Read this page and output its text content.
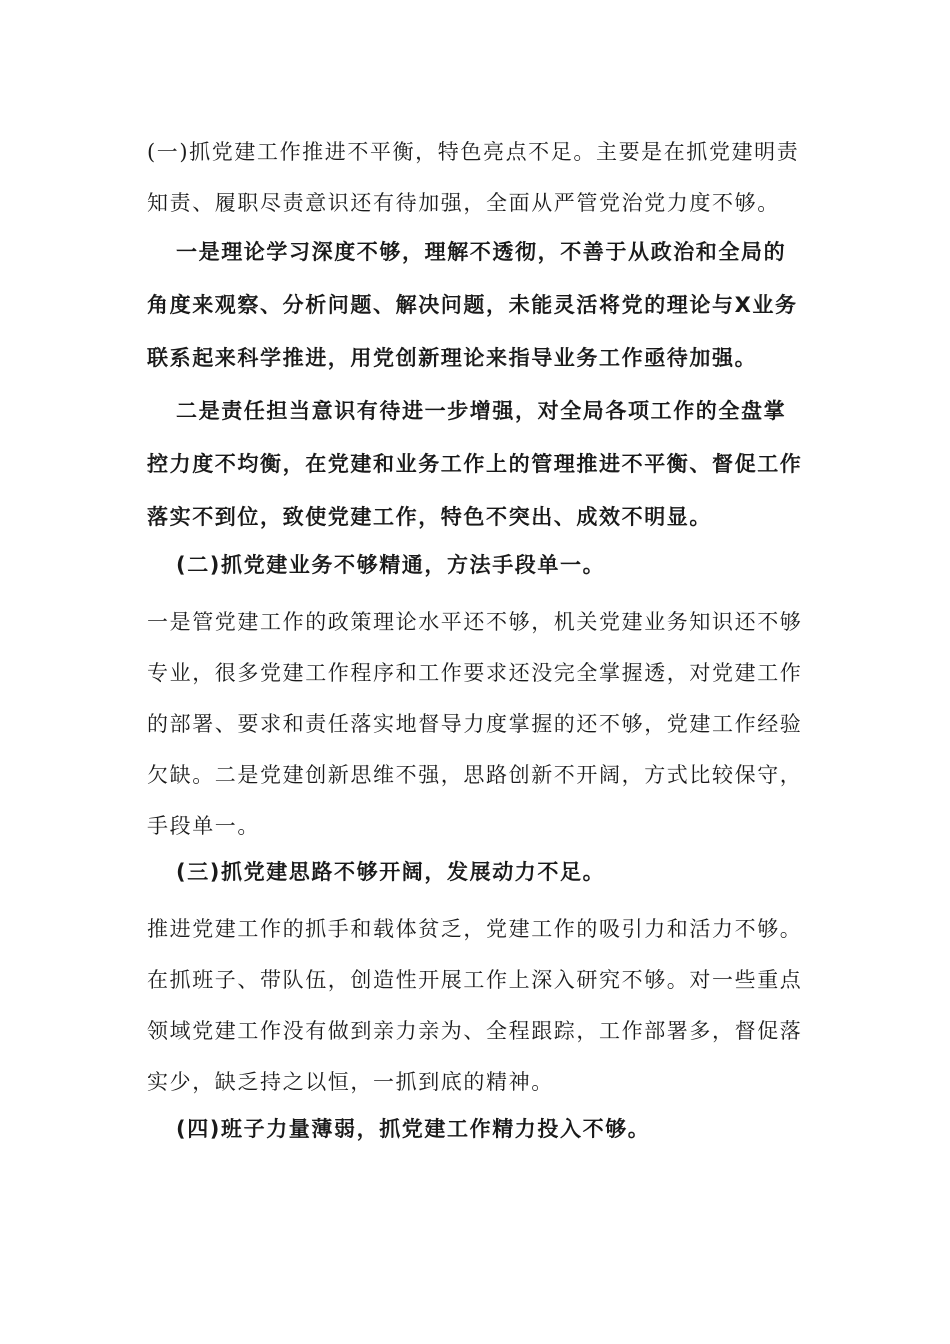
(一)抓党建工作推进不平衡，特色亮点不足。主要是在抓党建明责知责、履职尽责意识还有待加强，全面从严管党治党力度不够。

一是理论学习深度不够，理解不透彻，不善于从政治和全局的角度来观察、分析问题、解决问题，未能灵活将党的理论与X业务联系起来科学推进，用党创新理论来指导业务工作亟待加强。

二是责任担当意识有待进一步增强，对全局各项工作的全盘掌控力度不均衡，在党建和业务工作上的管理推进不平衡、督促工作落实不到位，致使党建工作，特色不突出、成效不明显。

(二)抓党建业务不够精通，方法手段单一。

一是管党建工作的政策理论水平还不够，机关党建业务知识还不够专业，很多党建工作程序和工作要求还没完全掌握透，对党建工作的部署、要求和责任落实地督导力度掌握的还不够，党建工作经验欠缺。二是党建创新思维不强，思路创新不开阔，方式比较保守，手段单一。

(三)抓党建思路不够开阔，发展动力不足。

推进党建工作的抓手和载体贫乏，党建工作的吸引力和活力不够。在抓班子、带队伍，创造性开展工作上深入研究不够。对一些重点领域党建工作没有做到亲力亲为、全程跟踪，工作部署多，督促落实少，缺乏持之以恒，一抓到底的精神。

(四)班子力量薄弱，抓党建工作精力投入不够。
